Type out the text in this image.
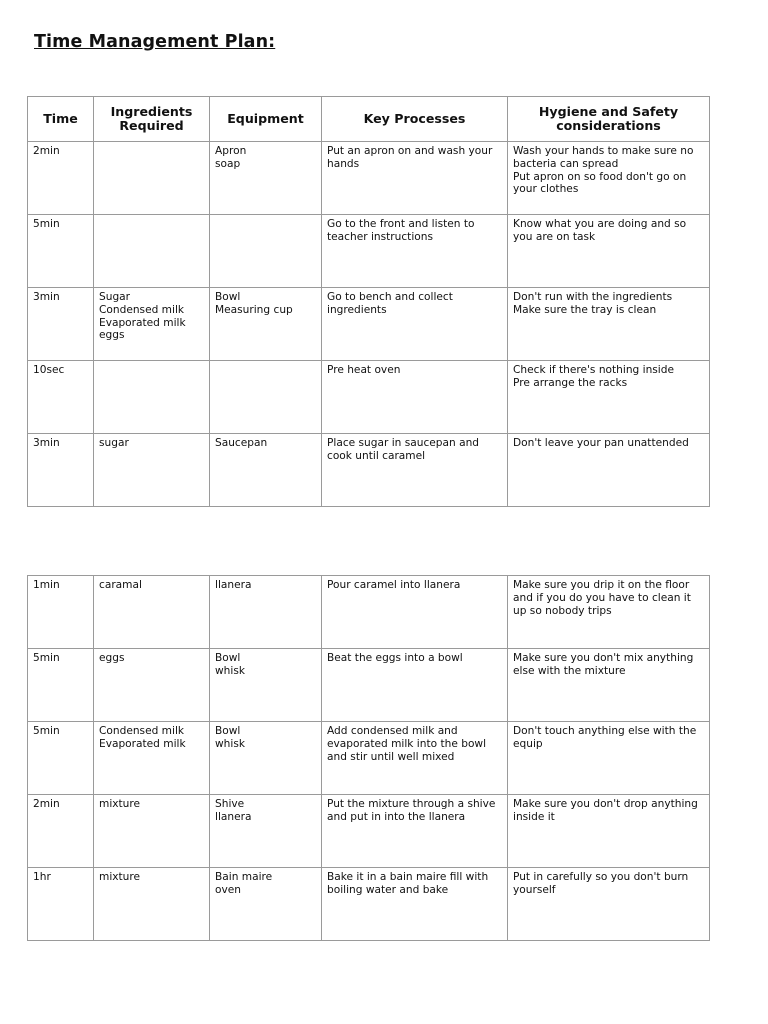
Time Management Plan:
Time	Ingredients Required	Equipment	Key Processes	Hygiene and Safety considerations
2min		Apron
soap	Put an apron on and wash your hands	Wash your hands to make sure no bacteria can spread
Put apron on so food don't go on your clothes
5min			Go to the front and listen to teacher instructions	Know what you are doing and so you are on task
3min	Sugar
Condensed milk
Evaporated milk
eggs	Bowl
Measuring cup	Go to bench and collect ingredients	Don't run with the ingredients
Make sure the tray is clean
10sec			Pre heat oven	Check if there's nothing inside
Pre arrange the racks
3min	sugar	Saucepan	Place sugar in saucepan and cook until caramel	Don't leave your pan unattended
1min	caramal	llanera	Pour caramel into llanera	Make sure you drip it on the floor and if you do you have to clean it up so nobody trips
5min	eggs	Bowl
whisk	Beat the eggs into a bowl	Make sure you don't mix anything else with the mixture
5min	Condensed milk
Evaporated milk	Bowl
whisk	Add condensed milk and evaporated milk into the bowl and stir until well mixed	Don't touch anything else with the equip
2min	mixture	Shive
llanera	Put the mixture through a shive and put in into the llanera	Make sure you don't drop anything inside it
1hr	mixture	Bain maire
oven	Bake it in a bain maire fill with boiling water and bake	Put in carefully so you don't burn yourself
